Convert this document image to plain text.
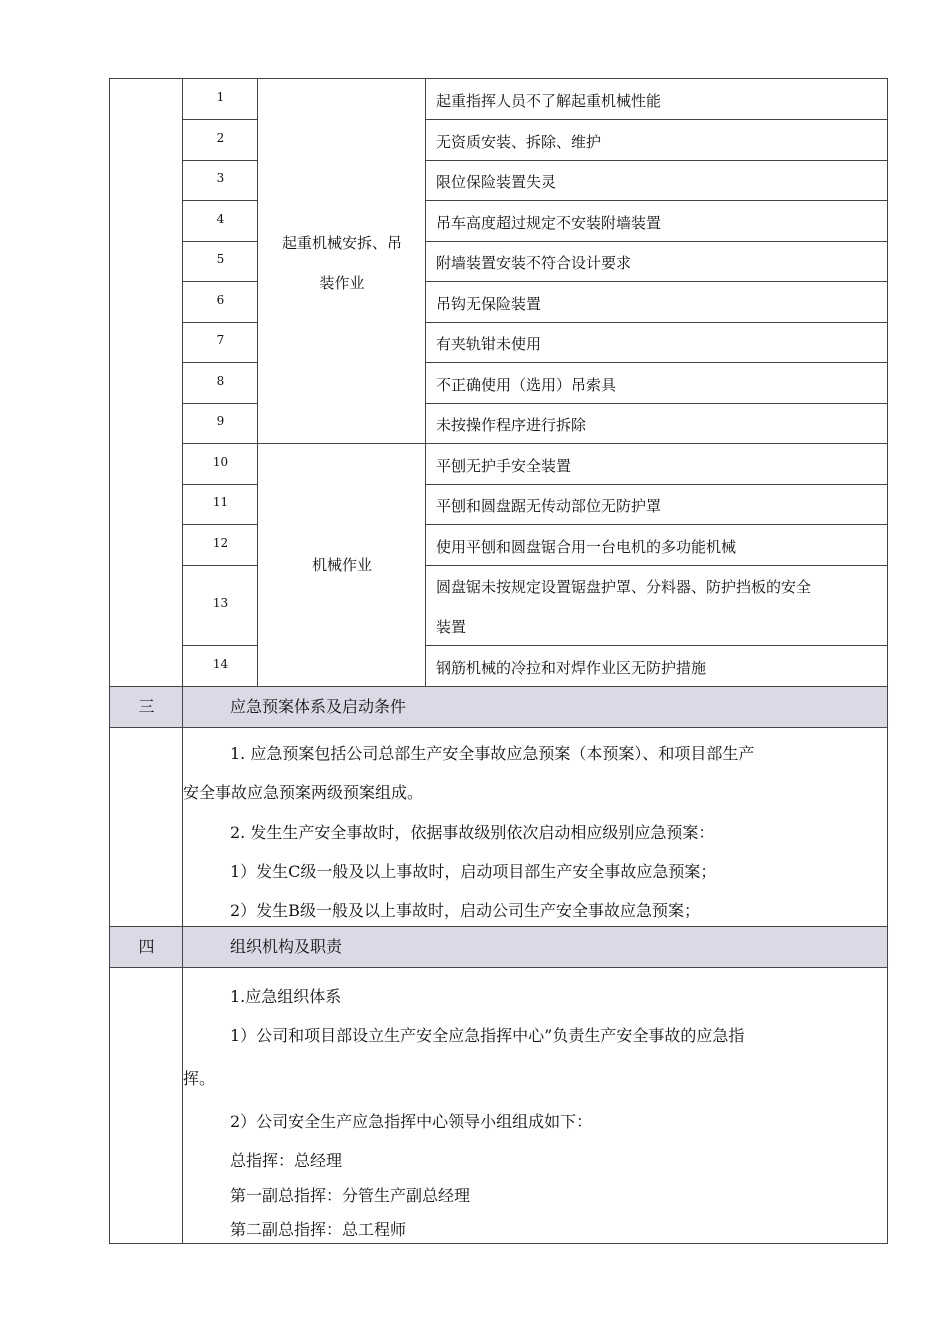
1
2
3
4
5
6
7
8
9
10
11
12
13
14
起重机械安拆、吊
装作业
机械作业
起重指挥人员不了解起重机械性能
无资质安装、拆除、维护
限位保险装置失灵
吊车高度超过规定不安装附墙装置
附墙装置安装不符合设计要求
吊钩无保险装置
有夹轨钳未使用
不正确使用（选用）吊索具
未按操作程序进行拆除
平刨无护手安全装置
平刨和圆盘踞无传动部位无防护罩
使用平刨和圆盘锯合用一台电机的多功能机械
圆盘锯未按规定设置锯盘护罩、分料器、防护挡板的安全
装置
钢筋机械的冷拉和对焊作业区无防护措施
三	应急预案体系及启动条件
1. 应急预案包括公司总部生产安全事故应急预案（本预案）、和项目部生产
安全事故应急预案两级预案组成。
2. 发生生产安全事故时，依据事故级别依次启动相应级别应急预案：
1）发生C级一般及以上事故时，启动项目部生产安全事故应急预案；
2）发生B级一般及以上事故时，启动公司生产安全事故应急预案；
四	组织机构及职责
1.应急组织体系
1）公司和项目部设立生产安全应急指挥中心”负责生产安全事故的应急指
挥。
2）公司安全生产应急指挥中心领导小组组成如下：
总指挥：总经理
第一副总指挥：分管生产副总经理
第二副总指挥：总工程师
